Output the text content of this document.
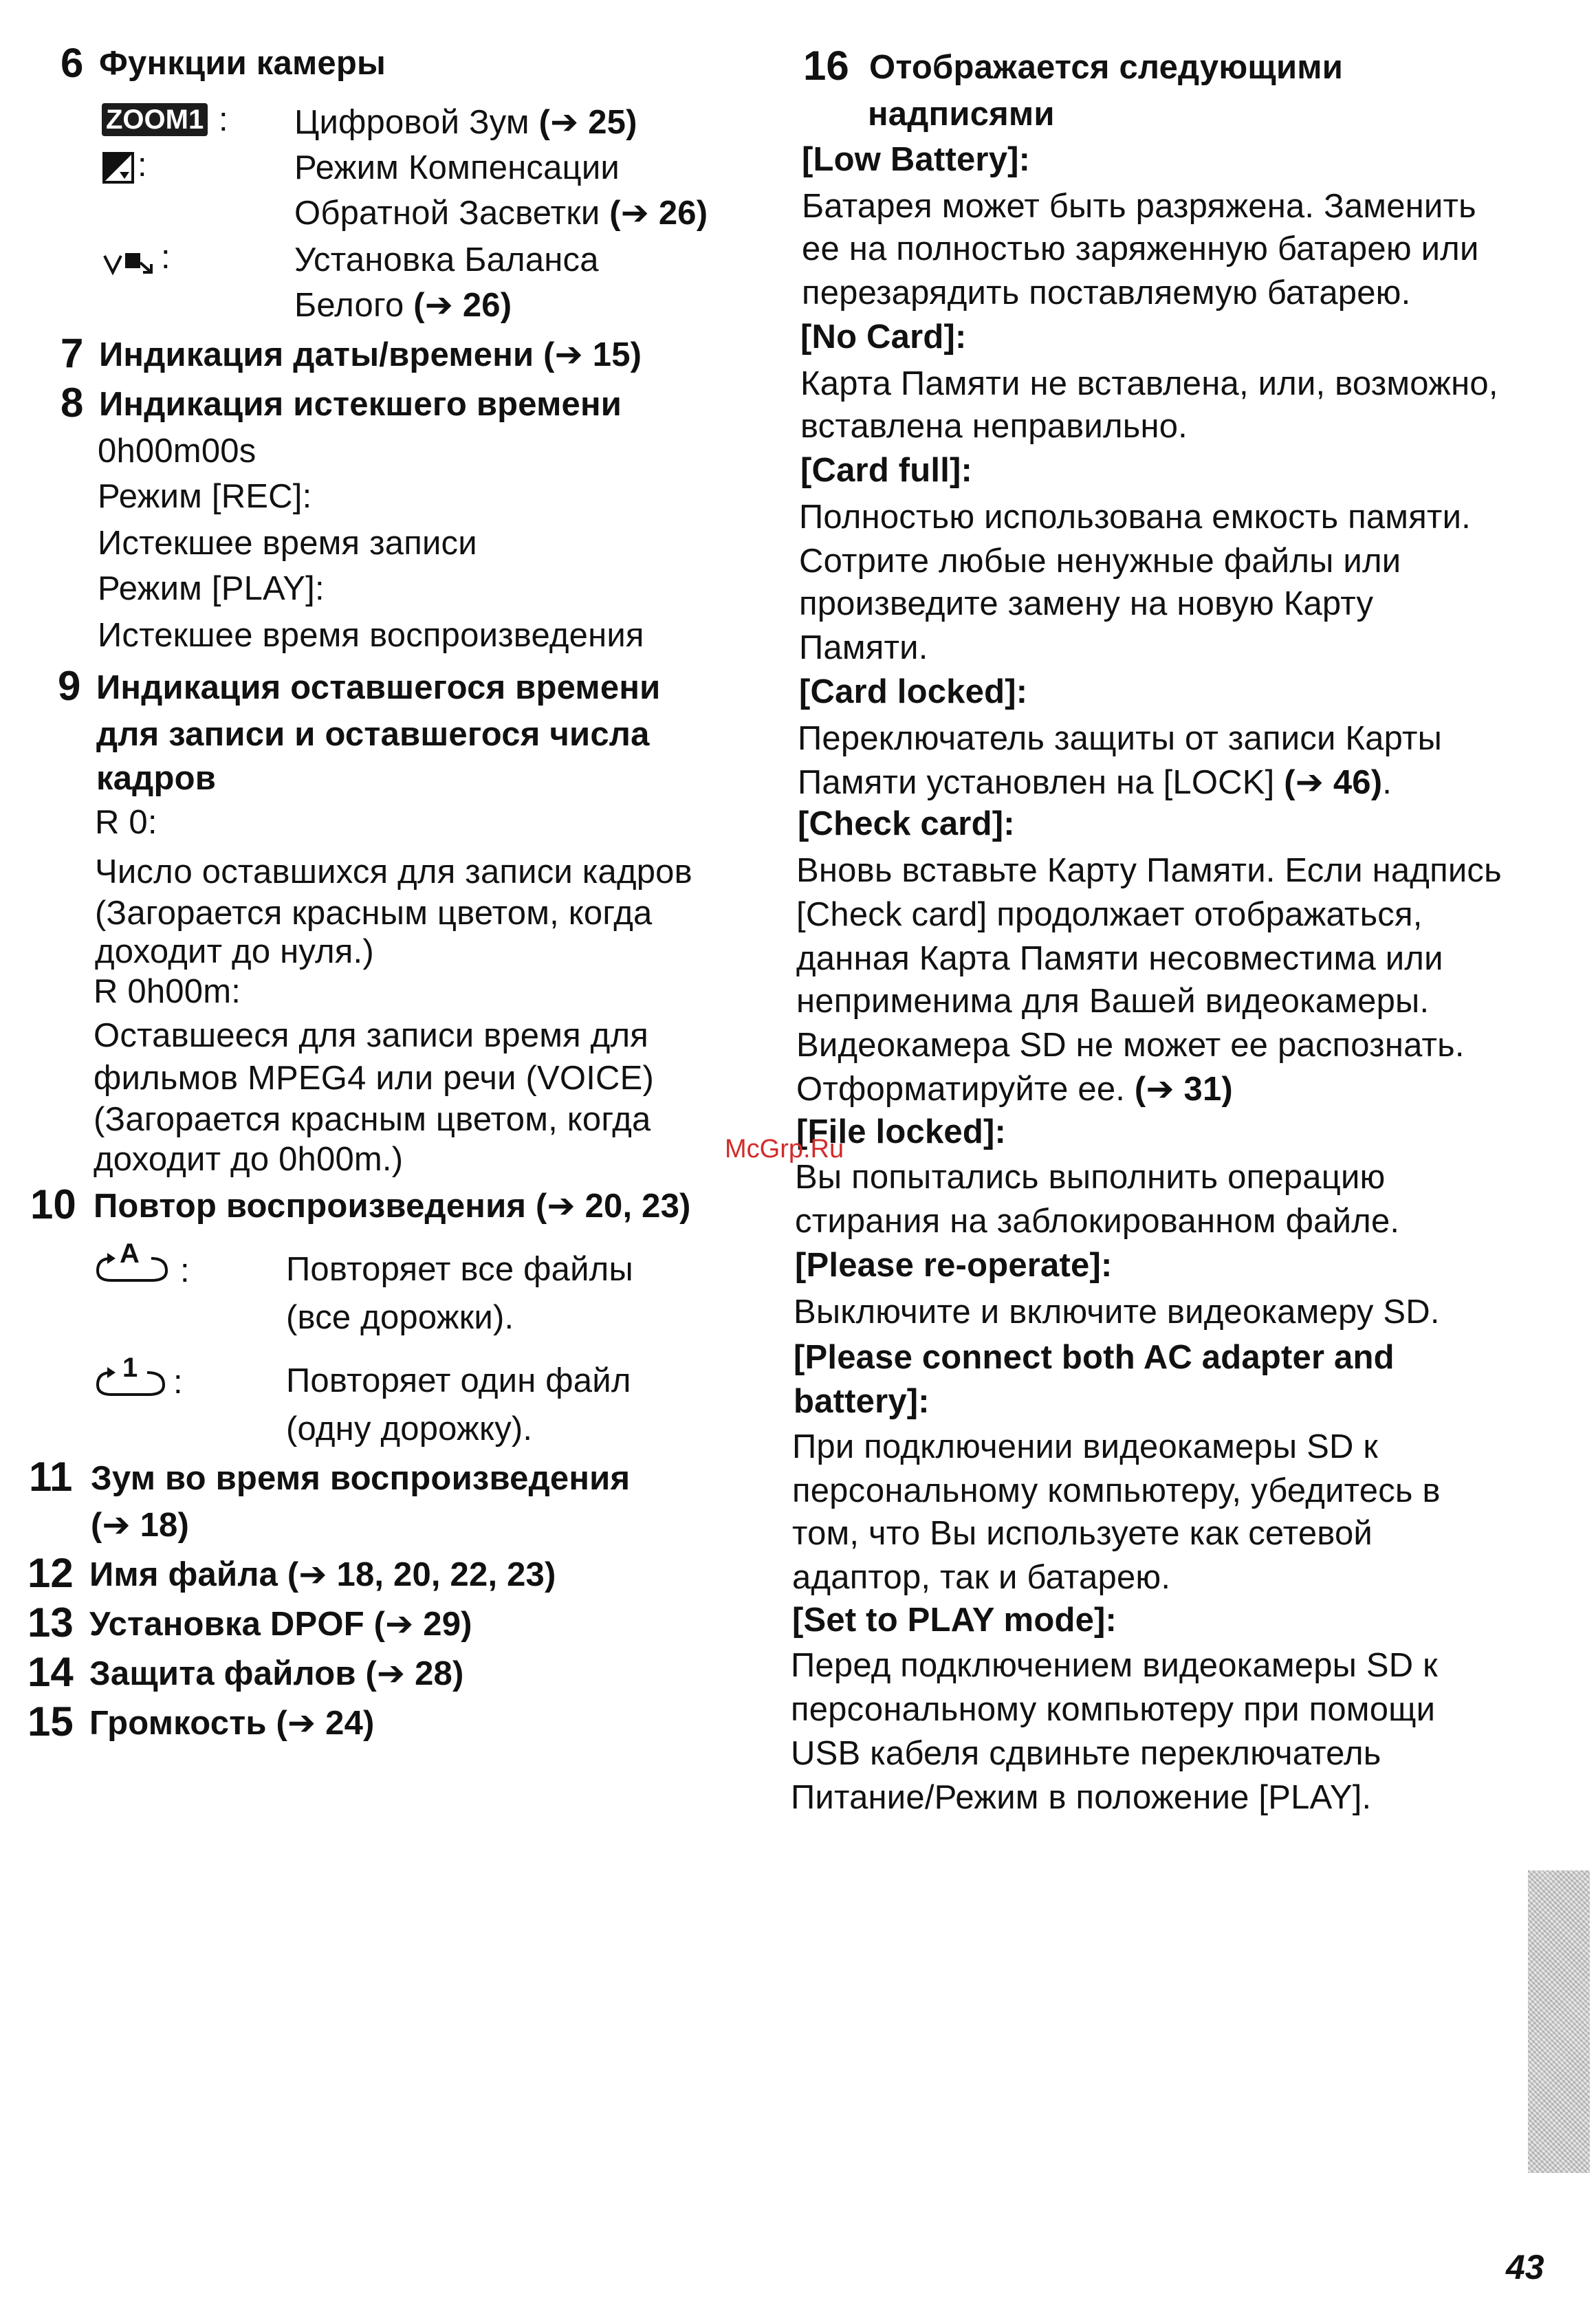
6 Функции камеры
ZOOM1 : Цифровой Зум (➔ 25)
:	Режим Компенсации
Обратной Засветки (➔ 26)
:	Установка Баланса
Белого (➔ 26)
7 Индикация даты/времени (➔ 15)
8 Индикация истекшего времени
0h00m00s
Режим [REC]:
Истекшее время записи
Режим [PLAY]:
Истекшее время воспроизведения
9 Индикация оставшегося времени
для записи и оставшегося числа
кадров
R 0:
Число оставшихся для записи кадров
(Загорается красным цветом, когда
доходит до нуля.)
R 0h00m:
Оставшееся для записи время для
фильмов MPEG4 или речи (VOICE)
(Загорается красным цветом, когда
доходит до 0h00m.)
10 Повтор воспроизведения (➔ 20, 23)
A :	Повторяет все файлы
(все дорожки).
1 :	Повторяет один файл
(одну дорожку).
11 Зум во время воспроизведения
(➔ 18)
12 Имя файла (➔ 18, 20, 22, 23)
13 Установка DPOF (➔ 29)
14 Защита файлов (➔ 28)
15 Громкость (➔ 24)
16 Отображается следующими
надписями
[Low Battery]:
Батарея может быть разряжена. Заменить
ее на полностью заряженную батарею или
перезарядить поставляемую батарею.
[No Card]:
Карта Памяти не вставлена, или, возможно,
вставлена неправильно.
[Card full]:
Полностью использована емкость памяти.
Сотрите любые ненужные файлы или
произведите замену на новую Карту
Памяти.
[Card locked]:
Переключатель защиты от записи Карты
Памяти установлен на [LOCK] (➔ 46).
[Check card]:
Вновь вставьте Карту Памяти. Если надпись
[Check card] продолжает отображаться,
данная Карта Памяти несовместима или
неприменима для Вашей видеокамеры.
Видеокамера SD не может ее распознать.
Отформатируйте ее. (➔ 31)
[File locked]:
Вы попытались выполнить операцию
стирания на заблокированном файле.
[Please re-operate]:
Выключите и включите видеокамеру SD.
[Please connect both AC adapter and
battery]:
При подключении видеокамеры SD к
персональному компьютеру, убедитесь в
том, что Вы используете как сетевой
адаптор, так и батарею.
[Set to PLAY mode]:
Перед подключением видеокамеры SD к
персональному компьютеру при помощи
USB кабеля сдвиньте переключатель
Питание/Режим в положение [PLAY].
McGrp.Ru
43
